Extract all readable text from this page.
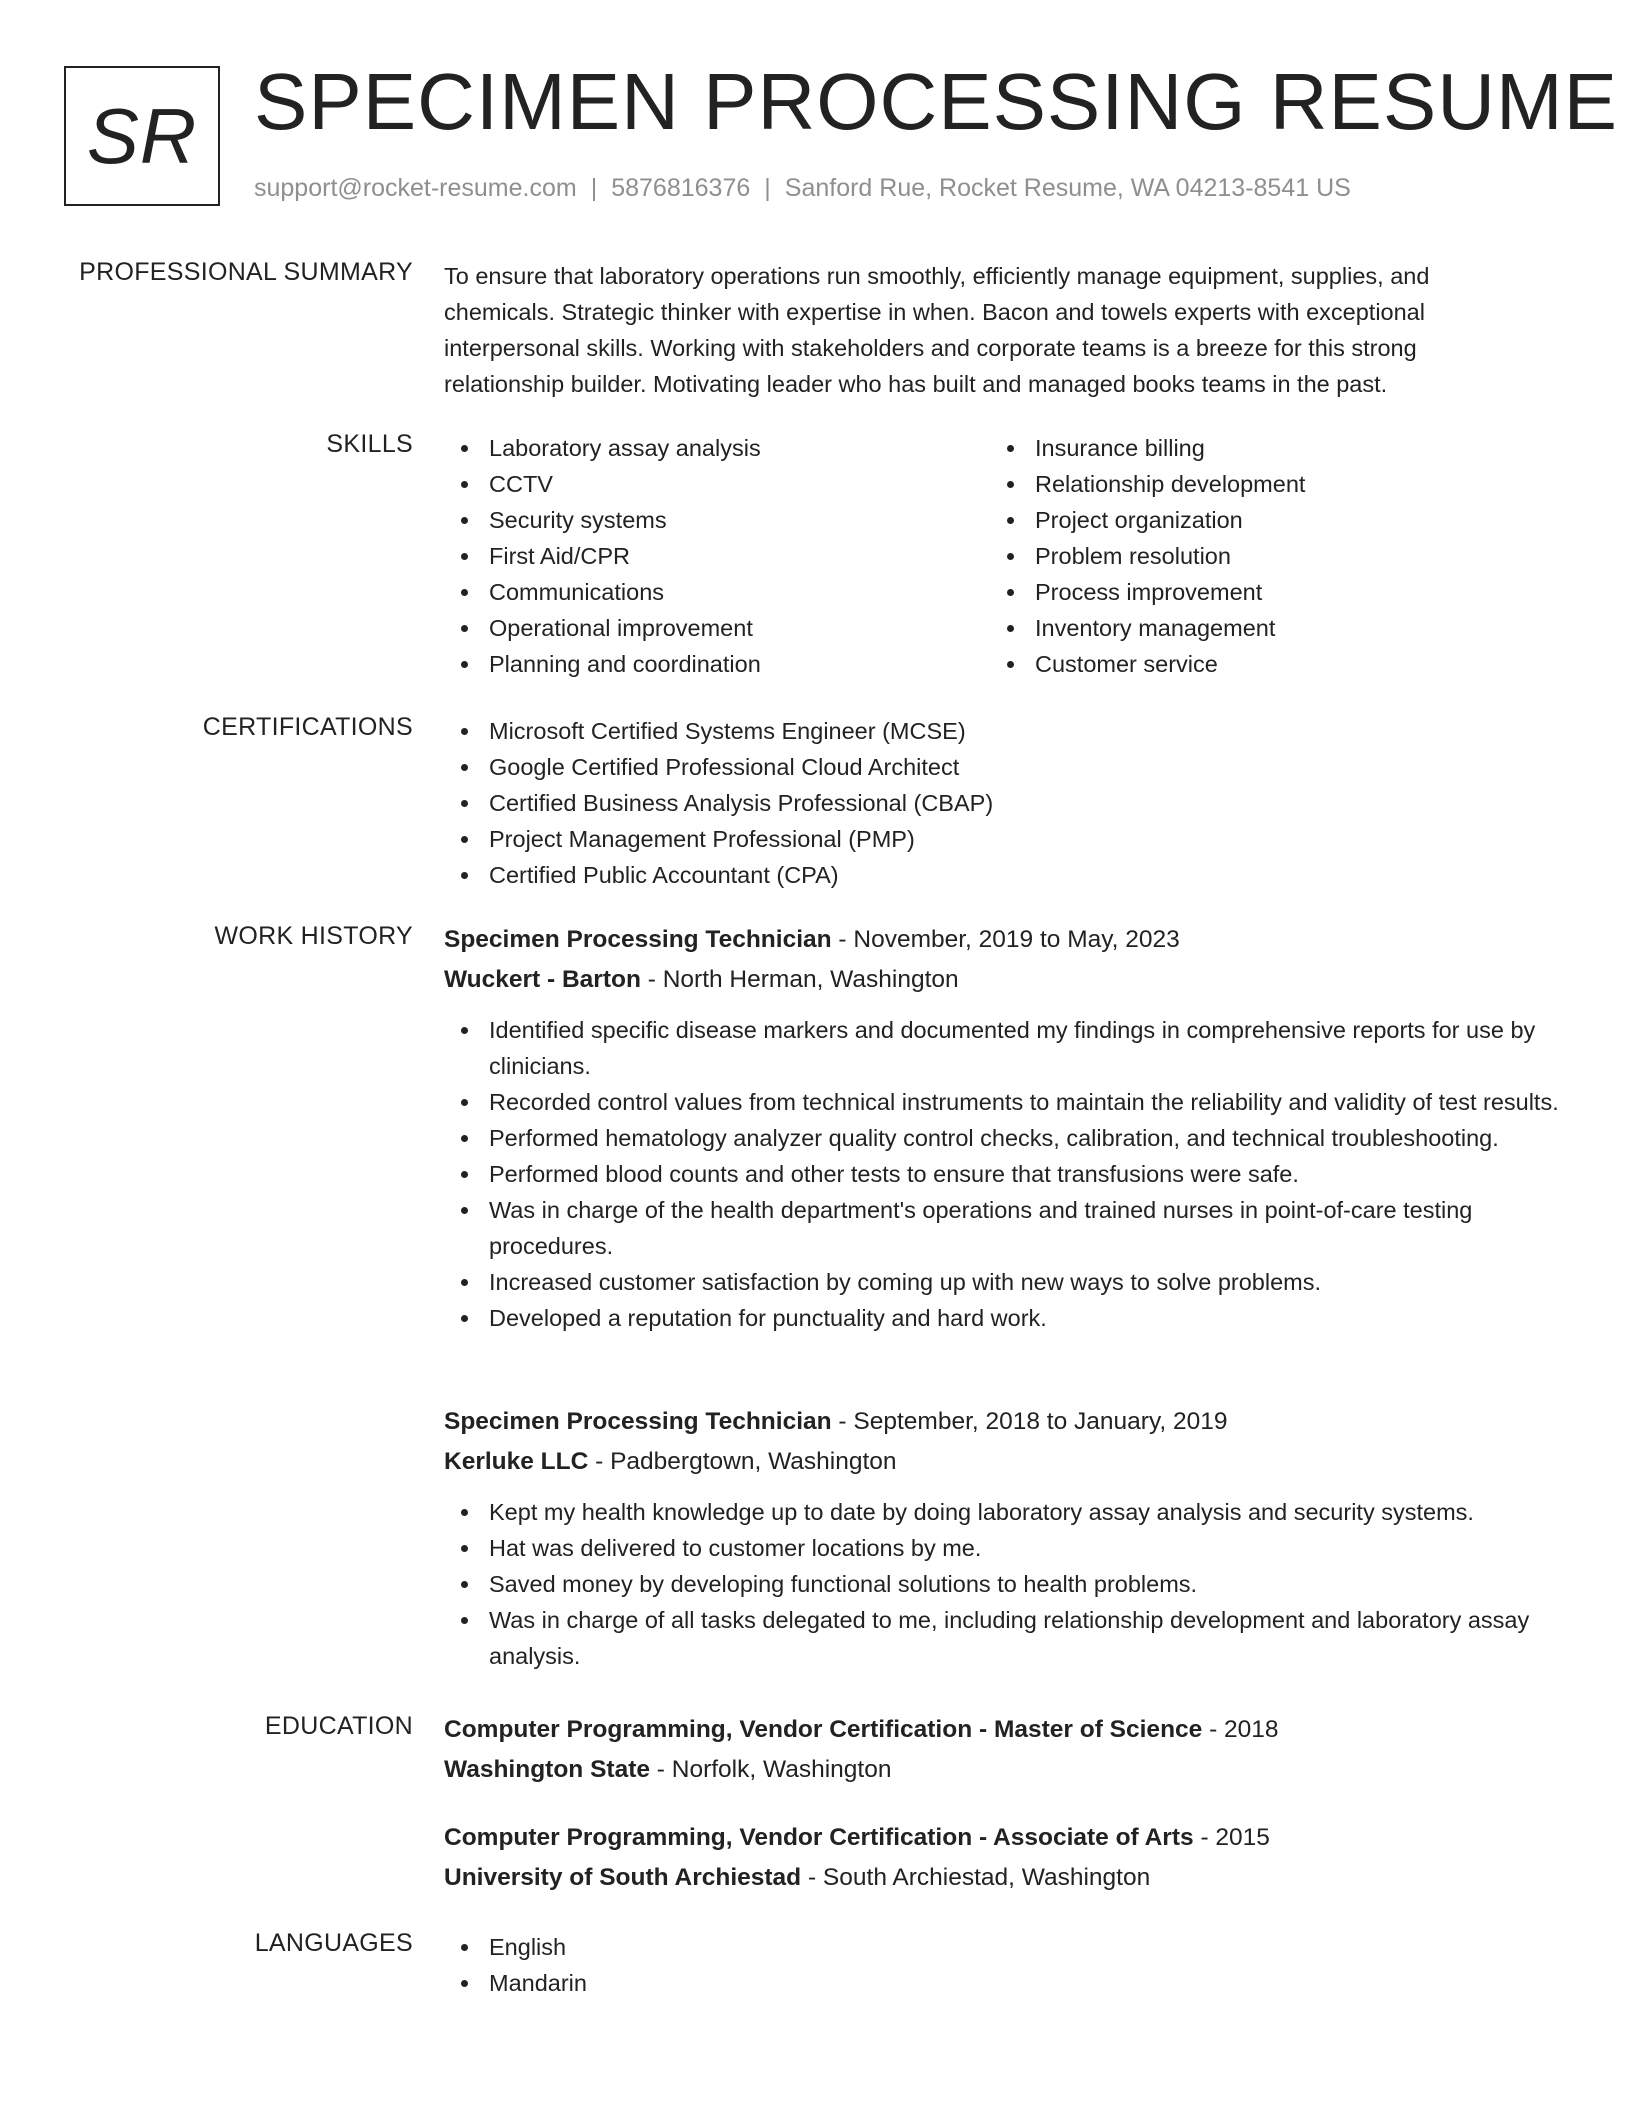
SR SPECIMEN PROCESSING RESUME
support@rocket-resume.com | 5876816376 | Sanford Rue, Rocket Resume, WA 04213-8541 US
PROFESSIONAL SUMMARY To ensure that laboratory operations run smoothly, efficiently manage equipment, supplies, and chemicals. Strategic thinker with expertise in when. Bacon and towels experts with exceptional interpersonal skills. Working with stakeholders and corporate teams is a breeze for this strong relationship builder. Motivating leader who has built and managed books teams in the past.
SKILLS	Laboratory assay analysis
CCTV
Security systems
First Aid/CPR
Communications
Operational improvement
Planning and coordination
Insurance billing
Relationship development
Project organization
Problem resolution
Process improvement
Inventory management
Customer service
CERTIFICATIONS	Microsoft Certified Systems Engineer (MCSE)
Google Certified Professional Cloud Architect
Certified Business Analysis Professional (CBAP)
Project Management Professional (PMP)
Certified Public Accountant (CPA)
WORK HISTORY Specimen Processing Technician - November, 2019 to May, 2023
Wuckert - Barton - North Herman, Washington
Identified specific disease markers and documented my findings in comprehensive reports for use by clinicians.
Recorded control values from technical instruments to maintain the reliability and validity of test results.
Performed hematology analyzer quality control checks, calibration, and technical troubleshooting.
Performed blood counts and other tests to ensure that transfusions were safe.
Was in charge of the health department's operations and trained nurses in point-of-care testing procedures.
Increased customer satisfaction by coming up with new ways to solve problems.
Developed a reputation for punctuality and hard work.
Specimen Processing Technician - September, 2018 to January, 2019
Kerluke LLC - Padbergtown, Washington
Kept my health knowledge up to date by doing laboratory assay analysis and security systems.
Hat was delivered to customer locations by me.
Saved money by developing functional solutions to health problems.
Was in charge of all tasks delegated to me, including relationship development and laboratory assay analysis.
EDUCATION Computer Programming, Vendor Certification - Master of Science - 2018
Washington State - Norfolk, Washington
Computer Programming, Vendor Certification - Associate of Arts - 2015
University of South Archiestad - South Archiestad, Washington
LANGUAGES	English
Mandarin
